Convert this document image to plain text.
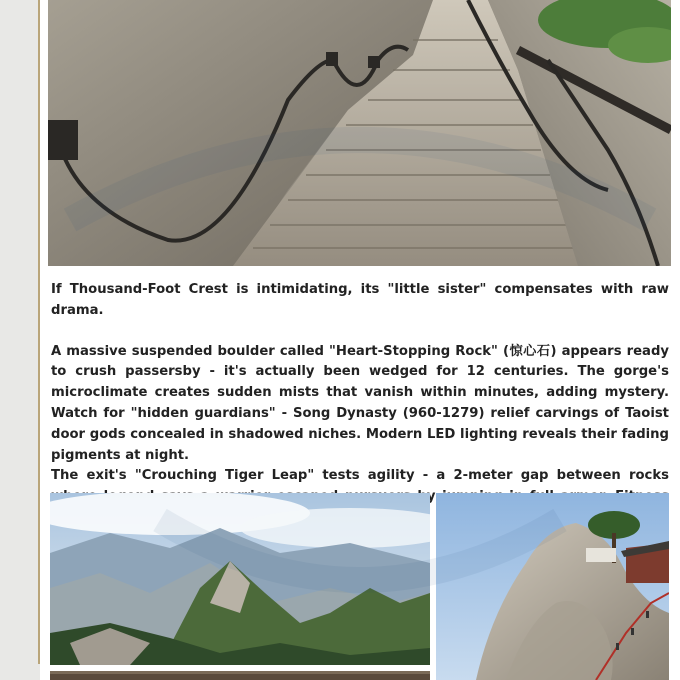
If Thousand-Foot Crest is intimidating, its "little sister" compensates with raw drama.

A massive suspended boulder called "Heart-Stopping Rock" (惊心石) appears ready to crush passersby - it's actually been wedged for 12 centuries. The gorge's microclimate creates sudden mists that vanish within minutes, adding mystery. Watch for "hidden guardians" - Song Dynasty (960-1279) relief carvings of Taoist door gods concealed in shadowed niches. Modern LED lighting reveals their fading pigments at night.

The exit's "Crouching Tiger Leap" tests agility - a 2-meter gap between rocks
